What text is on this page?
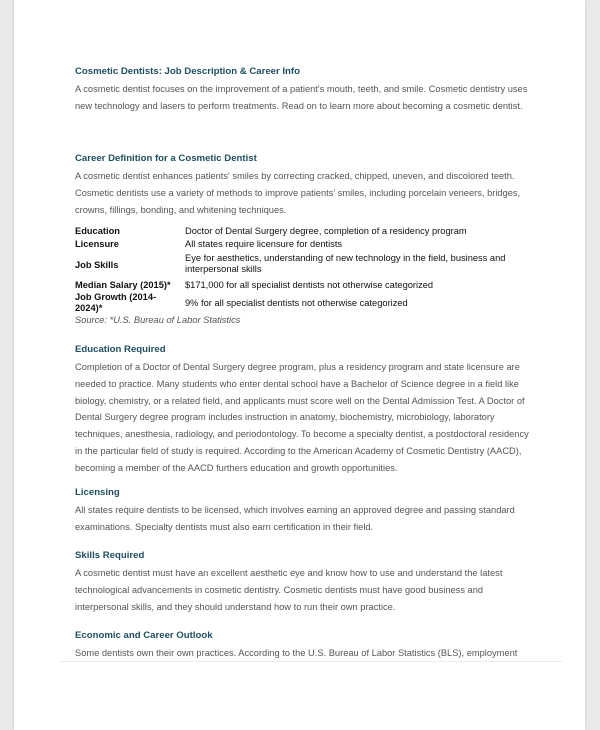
Cosmetic Dentists: Job Description & Career Info

A cosmetic dentist focuses on the improvement of a patient's mouth, teeth, and smile. Cosmetic dentistry uses new technology and lasers to perform treatments. Read on to learn more about becoming a cosmetic dentist.

Career Definition for a Cosmetic Dentist

A cosmetic dentist enhances patients' smiles by correcting cracked, chipped, uneven, and discolored teeth. Cosmetic dentists use a variety of methods to improve patients' smiles, including porcelain veneers, bridges, crowns, fillings, bonding, and whitening techniques.

Education	Doctor of Dental Surgery degree, completion of a residency program
Licensure	All states require licensure for dentists
Job Skills	Eye for aesthetics, understanding of new technology in the field, business and interpersonal skills
Median Salary (2015)*	$171,000 for all specialist dentists not otherwise categorized
Job Growth (2014-2024)*	9% for all specialist dentists not otherwise categorized
Source: *U.S. Bureau of Labor Statistics
Education Required

Completion of a Doctor of Dental Surgery degree program, plus a residency program and state licensure are needed to practice. Many students who enter dental school have a Bachelor of Science degree in a field like biology, chemistry, or a related field, and applicants must score well on the Dental Admission Test. A Doctor of Dental Surgery degree program includes instruction in anatomy, biochemistry, microbiology, laboratory techniques, anesthesia, radiology, and periodontology. To become a specialty dentist, a postdoctoral residency in the particular field of study is required. According to the American Academy of Cosmetic Dentistry (AACD), becoming a member of the AACD furthers education and growth opportunities.

Licensing

All states require dentists to be licensed, which involves earning an approved degree and passing standard examinations. Specialty dentists must also earn certification in their field.

Skills Required

A cosmetic dentist must have an excellent aesthetic eye and know how to use and understand the latest technological advancements in cosmetic dentistry. Cosmetic dentists must have good business and interpersonal skills, and they should understand how to run their own practice.

Economic and Career Outlook

Some dentists own their own practices. According to the U.S. Bureau of Labor Statistics (BLS), employment
